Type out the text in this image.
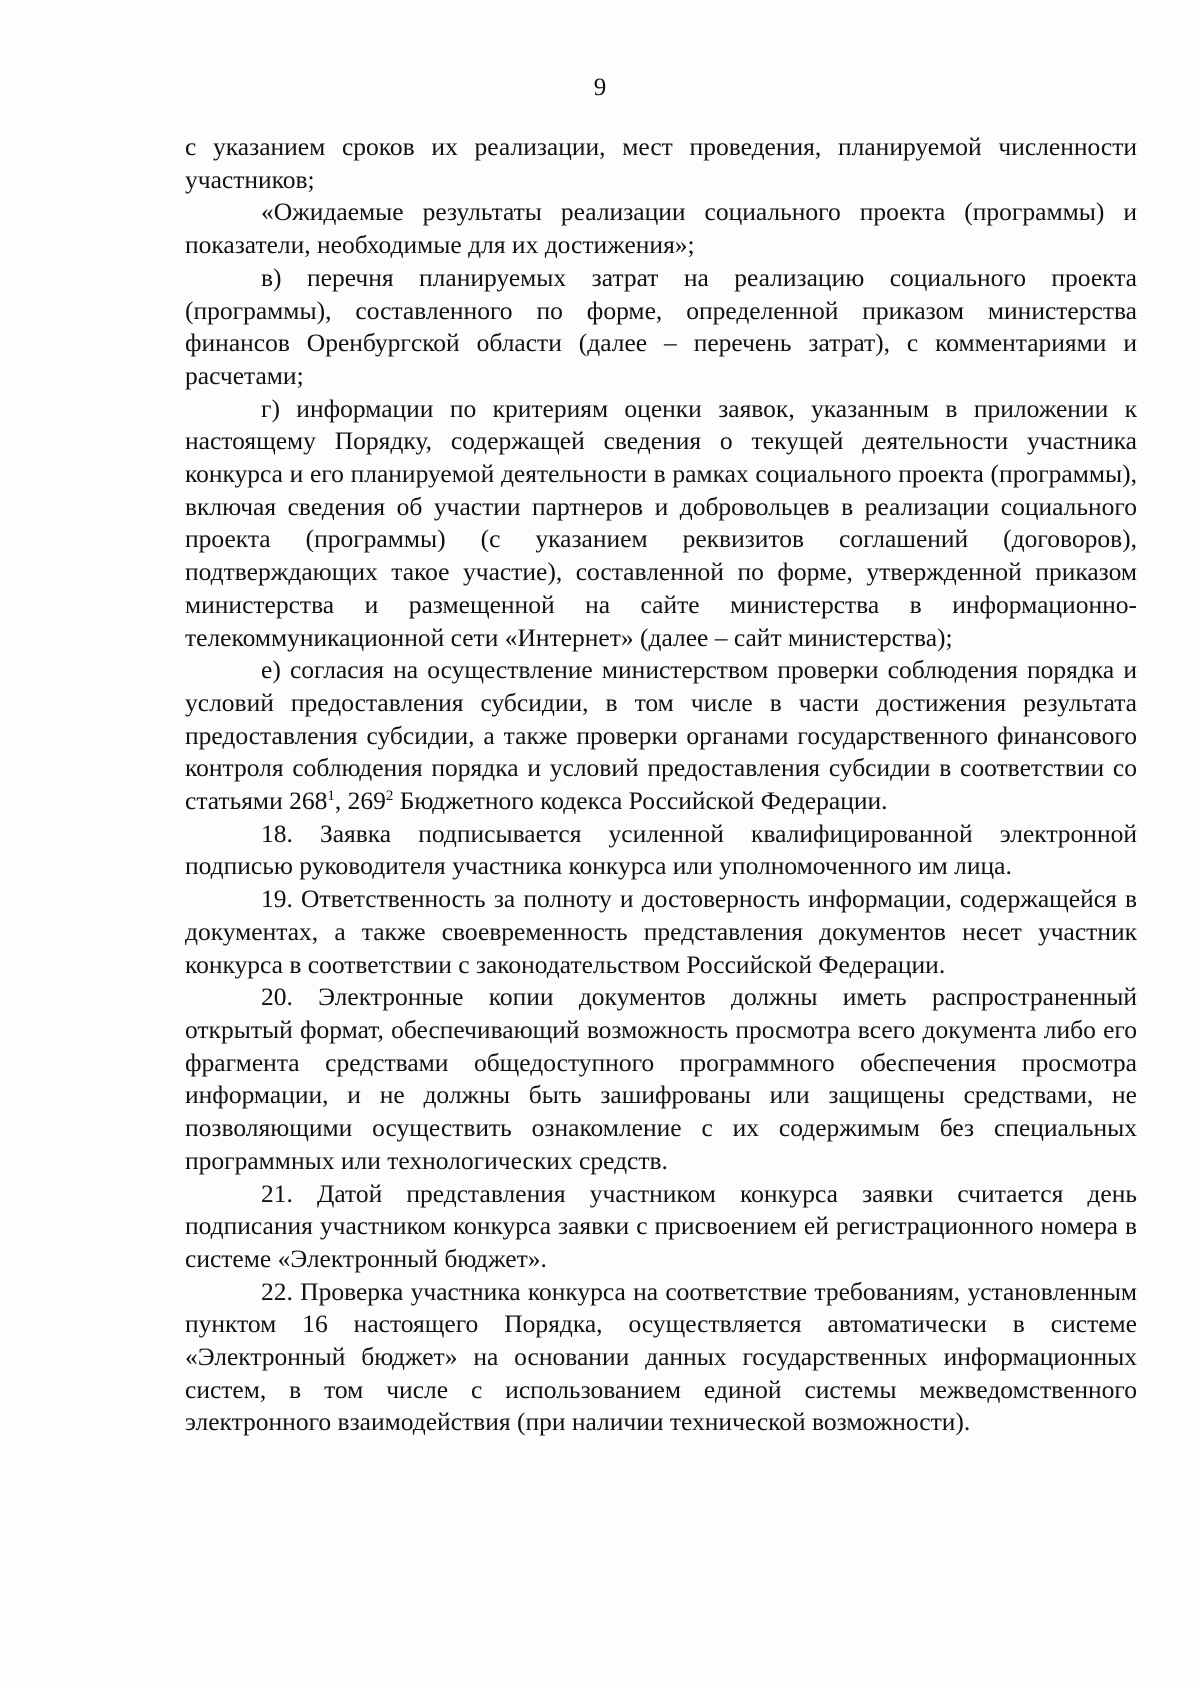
9

с указанием сроков их реализации, мест проведения, планируемой численности участников;

«Ожидаемые результаты реализации социального проекта (программы) и показатели, необходимые для их достижения»;

в) перечня планируемых затрат на реализацию социального проекта (программы), составленного по форме, определенной приказом министерства финансов Оренбургской области (далее – перечень затрат), с комментариями и расчетами;

г) информации по критериям оценки заявок, указанным в приложении к настоящему Порядку, содержащей сведения о текущей деятельности участника конкурса и его планируемой деятельности в рамках социального проекта (программы), включая сведения об участии партнеров и добровольцев в реализации социального проекта (программы) (с указанием реквизитов соглашений (договоров), подтверждающих такое участие), составленной по форме, утвержденной приказом министерства и размещенной на сайте министерства в информационно-телекоммуникационной сети «Интернет» (далее – сайт министерства);

е) согласия на осуществление министерством проверки соблюдения порядка и условий предоставления субсидии, в том числе в части достижения результата предоставления субсидии, а также проверки органами государственного финансового контроля соблюдения порядка и условий предоставления субсидии в соответствии со статьями $268^1$, $269^2$ Бюджетного кодекса Российской Федерации.

18. Заявка подписывается усиленной квалифицированной электронной подписью руководителя участника конкурса или уполномоченного им лица.

19. Ответственность за полноту и достоверность информации, содержащейся в документах, а также своевременность представления документов несет участник конкурса в соответствии с законодательством Российской Федерации.

20. Электронные копии документов должны иметь распространенный открытый формат, обеспечивающий возможность просмотра всего документа либо его фрагмента средствами общедоступного программного обеспечения просмотра информации, и не должны быть зашифрованы или защищены средствами, не позволяющими осуществить ознакомление с их содержимым без специальных программных или технологических средств.

21. Датой представления участником конкурса заявки считается день подписания участником конкурса заявки с присвоением ей регистрационного номера в системе «Электронный бюджет».

22. Проверка участника конкурса на соответствие требованиям, установленным пунктом 16 настоящего Порядка, осуществляется автоматически в системе «Электронный бюджет» на основании данных государственных информационных систем, в том числе с использованием единой системы межведомственного электронного взаимодействия (при наличии технической возможности).
